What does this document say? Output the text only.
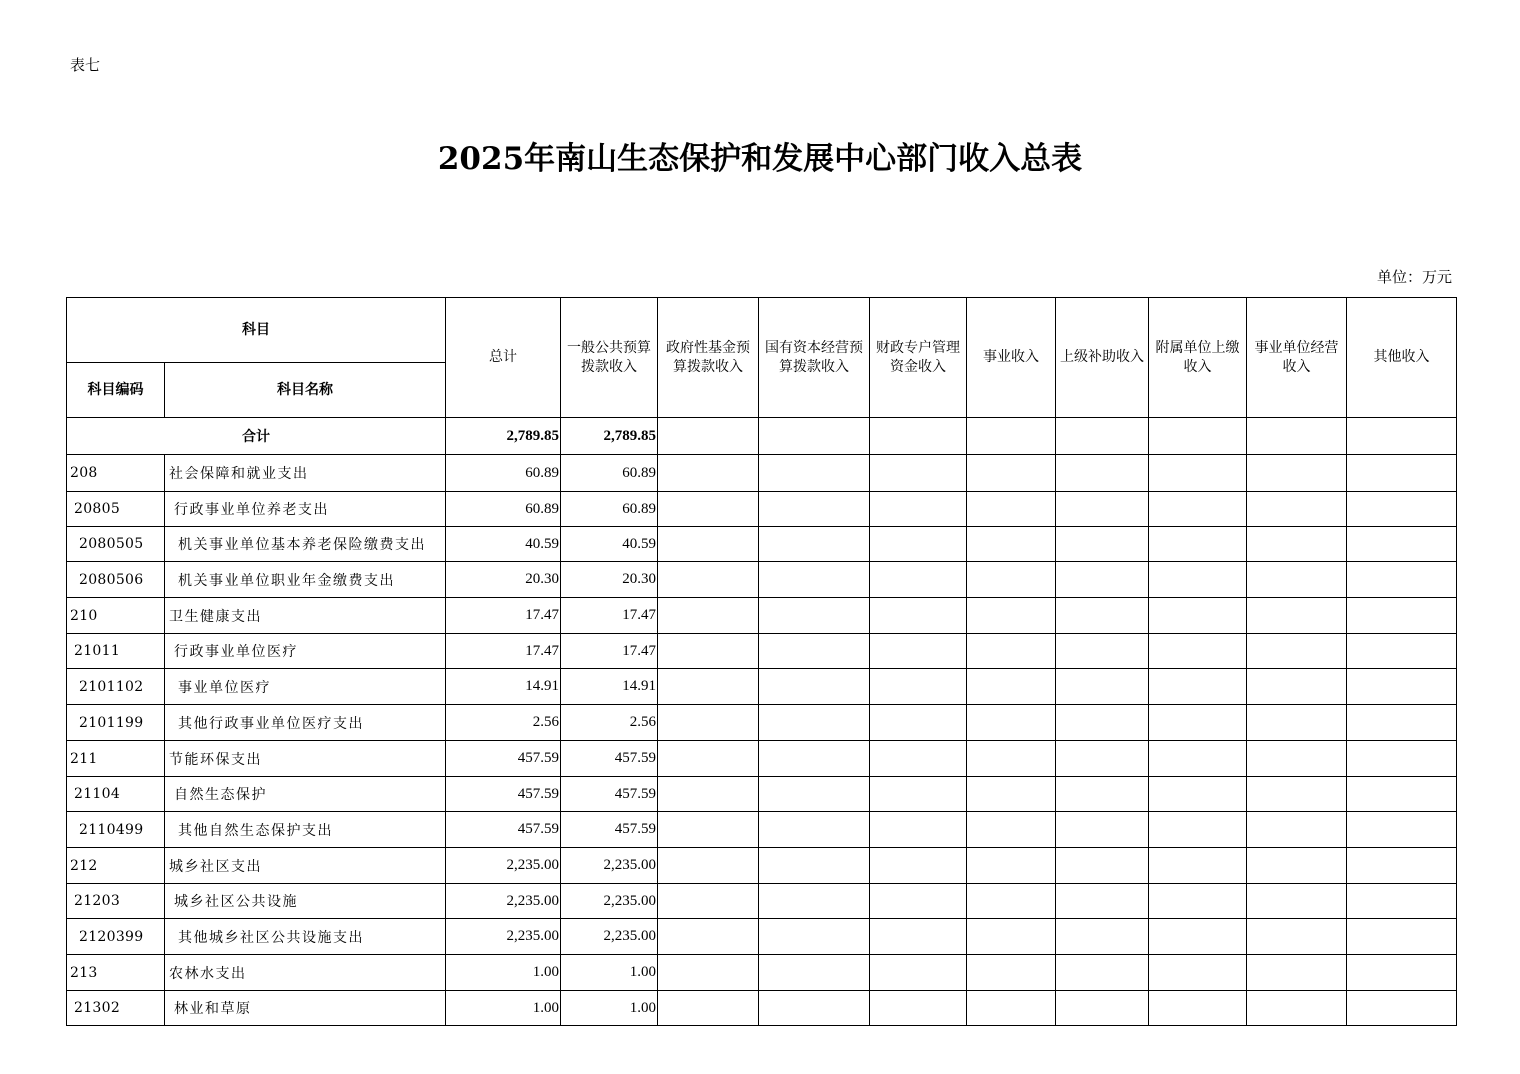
表七
2025年南山生态保护和发展中心部门收入总表
单位：万元
科目		总计	一般公共预算拨款收入	政府性基金预算拨款收入	国有资本经营预算拨款收入	财政专户管理资金收入	事业收入	上级补助收入	附属单位上缴收入	事业单位经营收入	其他收入
科目编码	科目名称										
合计		2,789.85	2,789.85								
208	社会保障和就业支出	60.89	60.89								
20805	行政事业单位养老支出	60.89	60.89								
2080505	机关事业单位基本养老保险缴费支出	40.59	40.59								
2080506	机关事业单位职业年金缴费支出	20.30	20.30								
210	卫生健康支出	17.47	17.47								
21011	行政事业单位医疗	17.47	17.47								
2101102	事业单位医疗	14.91	14.91								
2101199	其他行政事业单位医疗支出	2.56	2.56								
211	节能环保支出	457.59	457.59								
21104	自然生态保护	457.59	457.59								
2110499	其他自然生态保护支出	457.59	457.59								
212	城乡社区支出	2,235.00	2,235.00								
21203	城乡社区公共设施	2,235.00	2,235.00								
2120399	其他城乡社区公共设施支出	2,235.00	2,235.00								
213	农林水支出	1.00	1.00								
21302	林业和草原	1.00	1.00								
